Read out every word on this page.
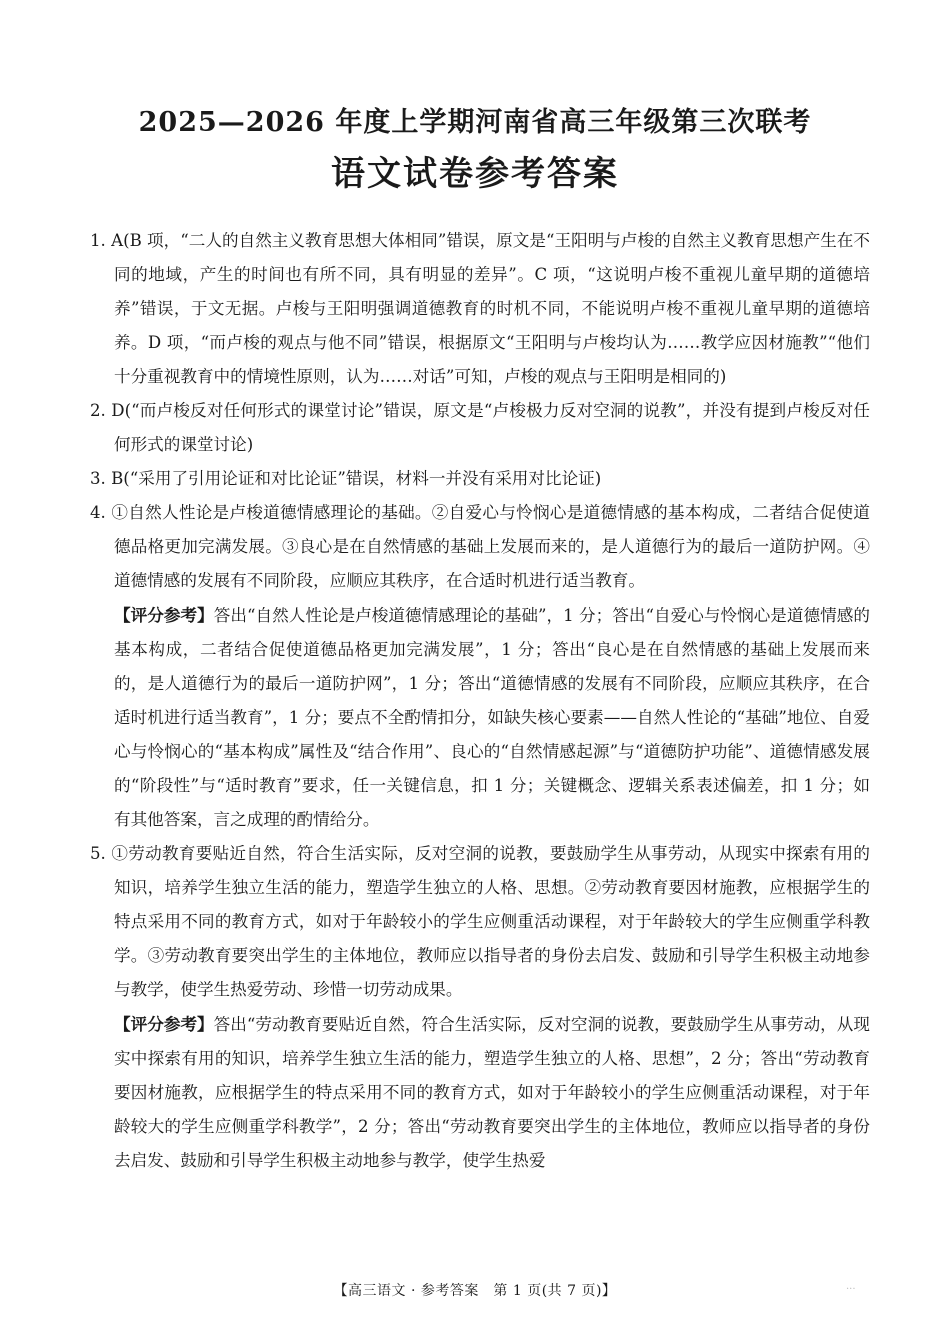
2025—2026 年度上学期河南省高三年级第三次联考
语文试卷参考答案

1. A(B 项，“二人的自然主义教育思想大体相同”错误，原文是“王阳明与卢梭的自然主义教育思想产生在不同的地域，产生的时间也有所不同，具有明显的差异”。C 项，“这说明卢梭不重视儿童早期的道德培养”错误，于文无据。卢梭与王阳明强调道德教育的时机不同，不能说明卢梭不重视儿童早期的道德培养。D 项，“而卢梭的观点与他不同”错误，根据原文“王阳明与卢梭均认为……教学应因材施教”“他们十分重视教育中的情境性原则，认为……对话”可知，卢梭的观点与王阳明是相同的)

2. D(“而卢梭反对任何形式的课堂讨论”错误，原文是“卢梭极力反对空洞的说教”，并没有提到卢梭反对任何形式的课堂讨论)

3. B(“采用了引用论证和对比论证”错误，材料一并没有采用对比论证)

4. ①自然人性论是卢梭道德情感理论的基础。②自爱心与怜悯心是道德情感的基本构成，二者结合促使道德品格更加完满发展。③良心是在自然情感的基础上发展而来的，是人道德行为的最后一道防护网。④道德情感的发展有不同阶段，应顺应其秩序，在合适时机进行适当教育。

【评分参考】答出“自然人性论是卢梭道德情感理论的基础”，1 分；答出“自爱心与怜悯心是道德情感的基本构成，二者结合促使道德品格更加完满发展”，1 分；答出“良心是在自然情感的基础上发展而来的，是人道德行为的最后一道防护网”，1 分；答出“道德情感的发展有不同阶段，应顺应其秩序，在合适时机进行适当教育”，1 分；要点不全酌情扣分，如缺失核心要素——自然人性论的“基础”地位、自爱心与怜悯心的“基本构成”属性及“结合作用”、良心的“自然情感起源”与“道德防护功能”、道德情感发展的“阶段性”与“适时教育”要求，任一关键信息，扣 1 分；关键概念、逻辑关系表述偏差，扣 1 分；如有其他答案，言之成理的酌情给分。

5. ①劳动教育要贴近自然，符合生活实际，反对空洞的说教，要鼓励学生从事劳动，从现实中探索有用的知识，培养学生独立生活的能力，塑造学生独立的人格、思想。②劳动教育要因材施教，应根据学生的特点采用不同的教育方式，如对于年龄较小的学生应侧重活动课程，对于年龄较大的学生应侧重学科教学。③劳动教育要突出学生的主体地位，教师应以指导者的身份去启发、鼓励和引导学生积极主动地参与教学，使学生热爱劳动、珍惜一切劳动成果。

【评分参考】答出“劳动教育要贴近自然，符合生活实际，反对空洞的说教，要鼓励学生从事劳动，从现实中探索有用的知识，培养学生独立生活的能力，塑造学生独立的人格、思想”，2 分；答出“劳动教育要因材施教，应根据学生的特点采用不同的教育方式，如对于年龄较小的学生应侧重活动课程，对于年龄较大的学生应侧重学科教学”，2 分；答出“劳动教育要突出学生的主体地位，教师应以指导者的身份去启发、鼓励和引导学生积极主动地参与教学，使学生热爱

【高三语文 · 参考答案　第 1 页(共 7 页)】	...
